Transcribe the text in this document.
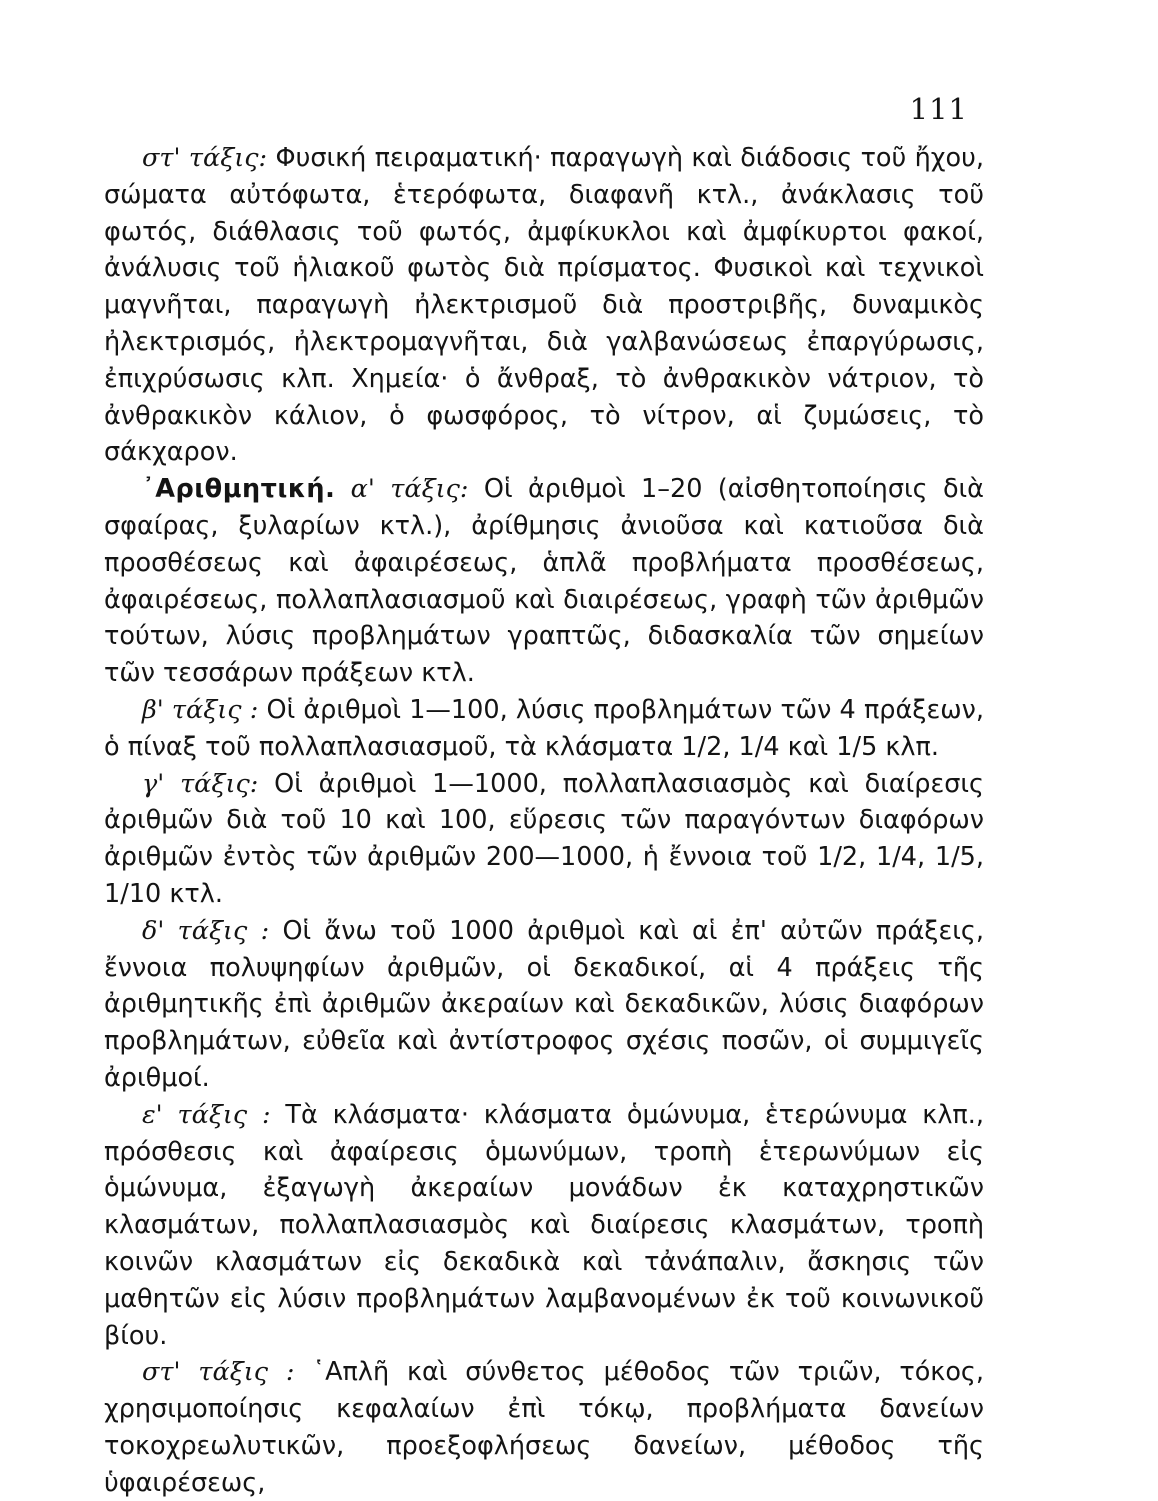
111

στ' τάξις: Φυσική πειραματική· παραγωγὴ καὶ διάδοσις τοῦ ἤχου, σώματα αὐτόφωτα, ἑτερόφωτα, διαφανῆ κτλ., ἀνάκλασις τοῦ φωτός, διάθλασις τοῦ φωτός, ἀμφίκυκλοι καὶ ἀμφίκυρτοι φακοί, ἀνάλυσις τοῦ ἡλιακοῦ φωτὸς διὰ πρίσματος. Φυσικοὶ καὶ τεχνικοὶ μαγνῆται, παραγωγὴ ἠλεκτρισμοῦ διὰ προστριβῆς, δυναμικὸς ἠλεκτρισμός, ἠλεκτρομαγνῆται, διὰ γαλβανώσεως ἐπαργύρωσις, ἐπιχρύσωσις κλπ. Χημεία· ὁ ἄνθραξ, τὸ ἀνθρακικὸν νάτριον, τὸ ἀνθρακικὸν κάλιον, ὁ φωσφόρος, τὸ νίτρον, αἱ ζυμώσεις, τὸ σάκχαρον.

᾿Αριθμητική. α' τάξις: Οἱ ἀριθμοὶ 1–20 (αἰσθητοποίησις διὰ σφαίρας, ξυλαρίων κτλ.), ἀρίθμησις ἀνιοῦσα καὶ κατιοῦσα διὰ προσθέσεως καὶ ἀφαιρέσεως, ἁπλᾶ προβλήματα προσθέσεως, ἀφαιρέσεως, πολλαπλασιασμοῦ καὶ διαιρέσεως, γραφὴ τῶν ἀριθμῶν τούτων, λύσις προβλημάτων γραπτῶς, διδασκαλία τῶν σημείων τῶν τεσσάρων πράξεων κτλ.

β' τάξις : Οἱ ἀριθμοὶ 1—100, λύσις προβλημάτων τῶν 4 πράξεων, ὁ πίναξ τοῦ πολλαπλασιασμοῦ, τὰ κλάσματα 1/2, 1/4 καὶ 1/5 κλπ.

γ' τάξις: Οἱ ἀριθμοὶ 1—1000, πολλαπλασιασμὸς καὶ διαίρεσις ἀριθμῶν διὰ τοῦ 10 καὶ 100, εὕρεσις τῶν παραγόντων διαφόρων ἀριθμῶν ἐντὸς τῶν ἀριθμῶν 200—1000, ἡ ἔννοια τοῦ 1/2, 1/4, 1/5, 1/10 κτλ.

δ' τάξις : Οἱ ἄνω τοῦ 1000 ἀριθμοὶ καὶ αἱ ἐπ' αὐτῶν πράξεις, ἔννοια πολυψηφίων ἀριθμῶν, οἱ δεκαδικοί, αἱ 4 πράξεις τῆς ἀριθμητικῆς ἐπὶ ἀριθμῶν ἀκεραίων καὶ δεκαδικῶν, λύσις διαφόρων προβλημάτων, εὐθεῖα καὶ ἀντίστροφος σχέσις ποσῶν, οἱ συμμιγεῖς ἀριθμοί.

ε' τάξις : Τὰ κλάσματα· κλάσματα ὁμώνυμα, ἑτερώνυμα κλπ., πρόσθεσις καὶ ἀφαίρεσις ὁμωνύμων, τροπὴ ἑτερωνύμων εἰς ὁμώνυμα, ἐξαγωγὴ ἀκεραίων μονάδων ἐκ καταχρηστικῶν κλασμάτων, πολλαπλασιασμὸς καὶ διαίρεσις κλασμάτων, τροπὴ κοινῶν κλασμάτων εἰς δεκαδικὰ καὶ τἀνάπαλιν, ἄσκησις τῶν μαθητῶν εἰς λύσιν προβλημάτων λαμβανομένων ἐκ τοῦ κοινωνικοῦ βίου.

στ' τάξις : ῾Απλῆ καὶ σύνθετος μέθοδος τῶν τριῶν, τόκος, χρησιμοποίησις κεφαλαίων ἐπὶ τόκῳ, προβλήματα δανείων τοκοχρεωλυτικῶν, προεξοφλήσεως δανείων, μέθοδος τῆς ὑφαιρέσεως,
